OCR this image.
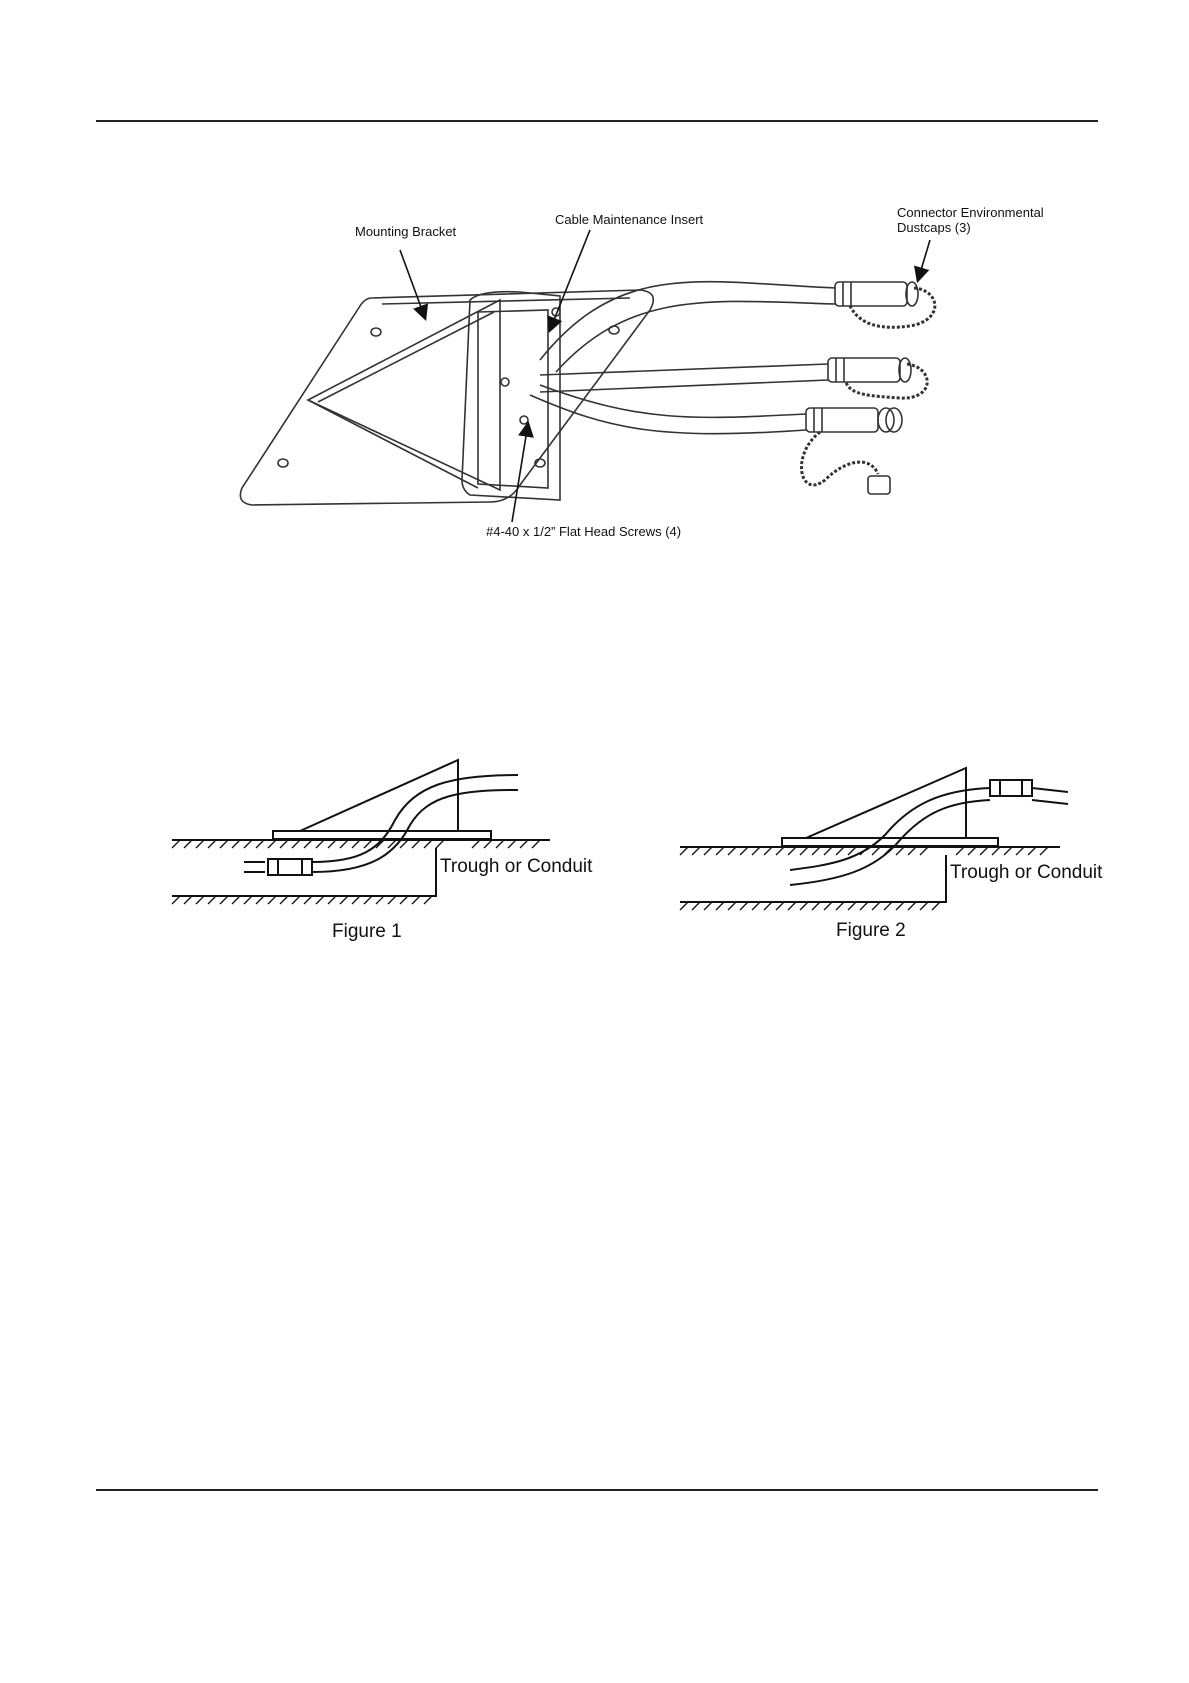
Mounting Bracket
Cable Maintenance Insert	Connector Environmental
Dustcaps (3)
#4-40 x 1/2” Flat Head Screws (4)
Trough or Conduit
Figure 1
Trough or Conduit
Figure 2
